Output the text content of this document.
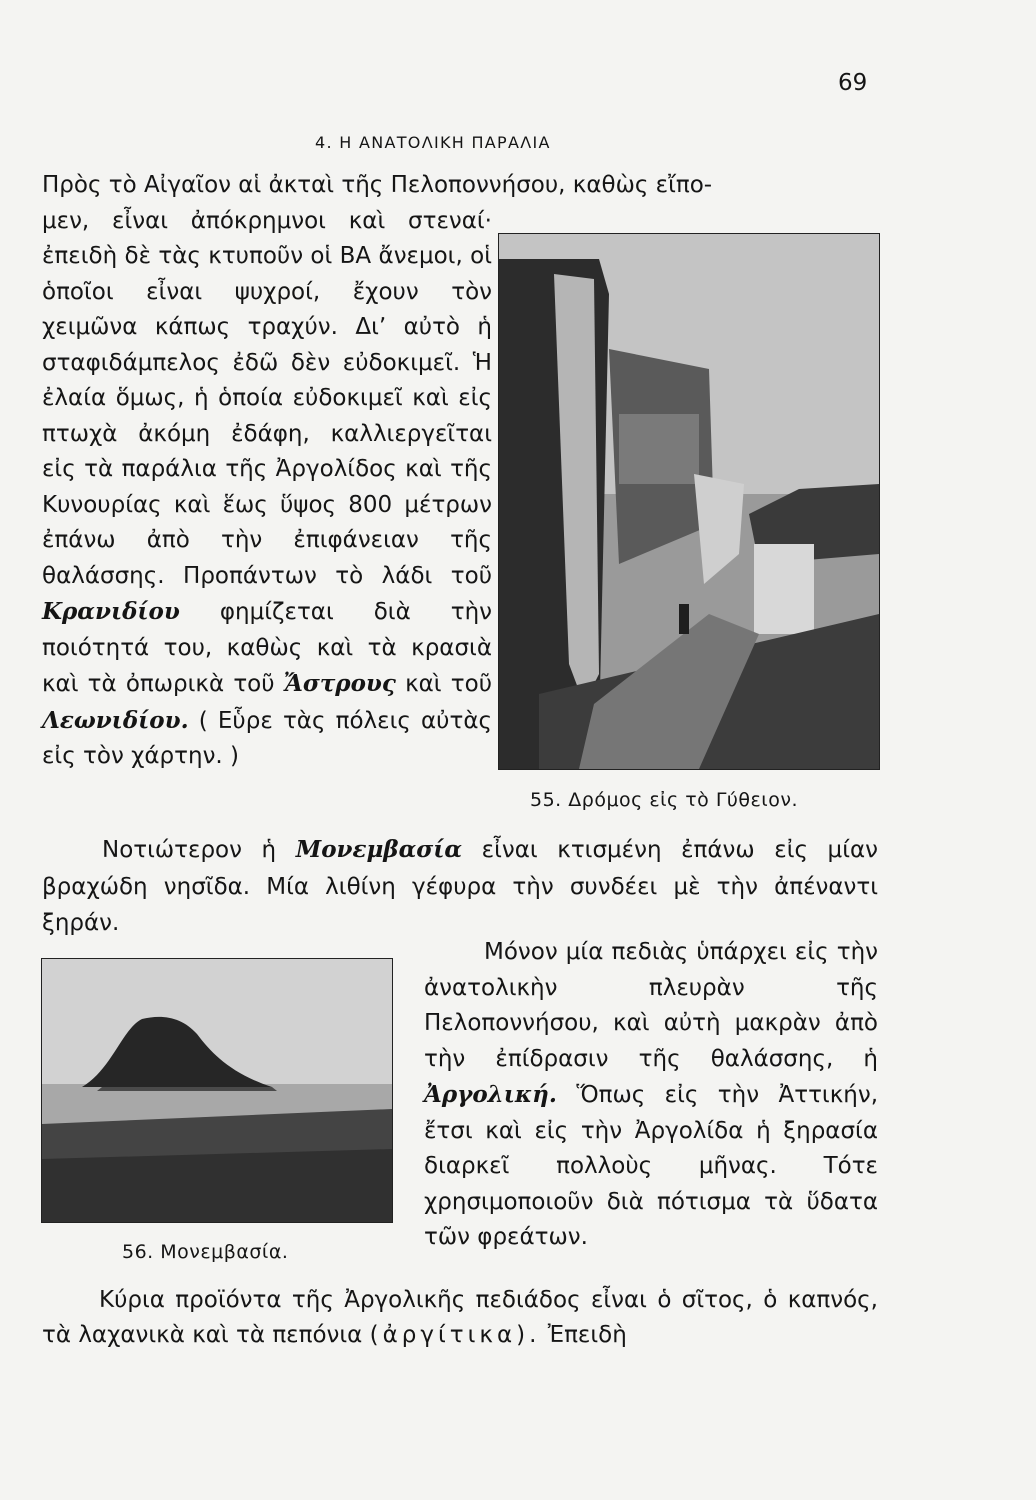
69
4. Η ΑΝΑΤΟΛΙΚΗ ΠΑΡΑΛΙΑ

Πρὸς τὸ Αἰγαῖον αἱ ἀκταὶ τῆς Πελοποννήσου, καθὼς εἴπο-
μεν, εἶναι ἀπόκρημνοι καὶ στεναί· ἐπειδὴ δὲ τὰς κτυποῦν οἱ ΒΑ ἄνεμοι, οἱ ὁποῖοι εἶναι ψυχροί, ἔχουν τὸν χειμῶνα κάπως τραχύν. Διʼ αὐτὸ ἡ σταφιδάμπελος ἐδῶ δὲν εὐδοκιμεῖ. Ἡ ἐλαία ὅμως, ἡ ὁποία εὐδοκιμεῖ καὶ εἰς πτωχὰ ἀκόμη ἐδάφη, καλλιεργεῖται εἰς τὰ παράλια τῆς Ἀργολίδος καὶ τῆς Κυνουρίας καὶ ἕως ὕψος 800 μέτρων ἐπάνω ἀπὸ τὴν ἐπιφάνειαν τῆς θαλάσσης. Προπάντων τὸ λάδι τοῦ Κρανιδίου φημίζεται διὰ τὴν ποιότητά του, καθὼς καὶ τὰ κρασιὰ καὶ τὰ ὀπωρικὰ τοῦ Ἄστρους καὶ τοῦ Λεωνιδίου. ( Εὗρε τὰς πόλεις αὐτὰς εἰς τὸν χάρτην. )

55. Δρόμος εἰς τὸ Γύθειον.

Νοτιώτερον ἡ Μονεμβασία εἶναι κτισμένη ἐπάνω εἰς μίαν βραχώδη νησῖδα. Μία λιθίνη γέφυρα τὴν συνδέει μὲ τὴν ἀπέναντι ξηράν.

Μόνον μία πεδιὰς ὑπάρχει εἰς τὴν ἀνατολικὴν πλευρὰν τῆς Πελοποννήσου, καὶ αὐτὴ μακρὰν ἀπὸ τὴν ἐπίδρασιν τῆς θαλάσσης, ἡ Ἀργολική. Ὅπως εἰς τὴν Ἀττικήν, ἔτσι καὶ εἰς τὴν Ἀργολίδα ἡ ξηρασία διαρκεῖ πολλοὺς μῆνας. Τότε χρησιμοποιοῦν διὰ πότισμα τὰ ὕδατα τῶν φρεάτων.

56. Μονεμβασία.

Κύρια προϊόντα τῆς Ἀργολικῆς πεδιάδος εἶναι ὁ σῖτος, ὁ καπνός, τὰ λαχανικὰ καὶ τὰ πεπόνια (ἀργίτικα). Ἐπειδὴ
